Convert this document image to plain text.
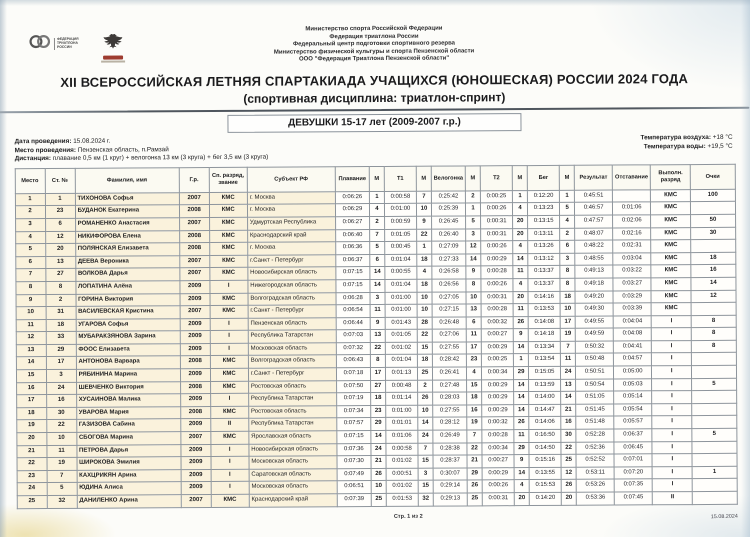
ФЕДЕРАЦИЯ ТРИАТЛОНА РОССИИ
Министерство спорта Российской Федерации
Федерация триатлона России
Федеральный центр подготовки спортивного резерва
Министерство физической культуры и спорта Пензенской области
ООО "Федерация Триатлона Пензенской области"
XII ВСЕРОССИЙСКАЯ ЛЕТНЯЯ СПАРТАКИАДА УЧАЩИХСЯ (ЮНОШЕСКАЯ) РОССИИ 2024 ГОДА
(спортивная дисциплина: триатлон-спринт)
ДЕВУШКИ 15-17 лет (2009-2007 г.р.)
Дата проведения: 15.08.2024 г.
Место проведения: Пензенская область, п.Рамзай
Дистанция: плавание 0,5 км (1 круг) + велогонка 13 км (3 круга) + бег 3,5 км (3 круга)
Температура воздуха: +18 °С
Температура воды: +19,5 °С
Место	Ст. №	Фамилия, имя	Г.р.	Сп. разряд, звание	Субъект РФ	Плавание	М	Т1	М	Велогонка	М	Т2	М	Бег	М	Результат	Отставание	Выполн. разряд	Очки
1	1	ТИХОНОВА Софья	2007	КМС	г. Москва	0:06:26	1	0:00:58	7	0:25:42	2	0:00:25	1	0:12:20	1	0:45:51		КМС	100
2	23	БУДАНОК Екатерина	2008	КМС	г. Москва	0:06:29	4	0:01:00	10	0:25:39	1	0:00:26	4	0:13:23	5	0:46:57	0:01:06	КМС	
3	6	РОМАНЕНКО Анастасия	2007	КМС	Удмуртская Республика	0:06:27	2	0:00:59	9	0:26:45	5	0:00:31	20	0:13:15	4	0:47:57	0:02:06	КМС	50
4	12	НИКИФОРОВА Елена	2008	КМС	Краснодарский край	0:06:40	7	0:01:05	22	0:26:40	3	0:00:31	20	0:13:11	2	0:48:07	0:02:16	КМС	30
5	20	ПОЛЯНСКАЯ Елизавета	2008	КМС	г. Москва	0:06:36	5	0:00:45	1	0:27:09	12	0:00:26	4	0:13:26	6	0:48:22	0:02:31	КМС	
6	13	ДЕЕВА Вероника	2007	КМС	г.Санкт - Петербург	0:06:37	6	0:01:04	18	0:27:33	14	0:00:29	14	0:13:12	3	0:48:55	0:03:04	КМС	18
7	27	ВОЛКОВА Дарья	2007	КМС	Новосибирская область	0:07:15	14	0:00:55	4	0:26:58	9	0:00:28	11	0:13:37	8	0:49:13	0:03:22	КМС	16
8	8	ЛОПАТИНА Алёна	2009	I	Нижегородская область	0:07:15	14	0:01:04	18	0:26:56	8	0:00:26	4	0:13:37	8	0:49:18	0:03:27	КМС	14
9	2	ГОРИНА Виктория	2009	КМС	Волгоградская область	0:06:28	3	0:01:00	10	0:27:05	10	0:00:31	20	0:14:16	18	0:49:20	0:03:29	КМС	12
10	31	ВАСИЛЕВСКАЯ Кристина	2007	КМС	г.Санкт - Петербург	0:06:54	11	0:01:00	10	0:27:15	13	0:00:28	11	0:13:53	10	0:49:30	0:03:39	КМС	
11	18	УГАРОВА Софья	2009	I	Пензенская область	0:06:44	9	0:01:43	28	0:26:48	6	0:00:32	26	0:14:08	17	0:49:55	0:04:04	I	8
12	33	МУБАРАКЗЯНОВА Зарина	2009	I	Республика Татарстан	0:07:03	13	0:01:05	22	0:27:06	11	0:00:27	9	0:14:18	19	0:49:59	0:04:08	I	8
13	29	ФООС Елизавета	2009	I	Московская область	0:07:32	22	0:01:02	15	0:27:55	17	0:00:29	14	0:13:34	7	0:50:32	0:04:41	I	8
14	17	АНТОНОВА Варвара	2008	КМС	Волгоградская область	0:06:43	8	0:01:04	18	0:28:42	23	0:00:25	1	0:13:54	11	0:50:48	0:04:57	I	
15	3	РЯБИНИНА Марина	2009	КМС	г.Санкт - Петербург	0:07:18	17	0:01:13	25	0:26:41	4	0:00:34	29	0:15:05	24	0:50:51	0:05:00	I	
16	24	ШЕВЧЕНКО Виктория	2008	КМС	Ростовская область	0:07:50	27	0:00:48	2	0:27:48	15	0:00:29	14	0:13:59	13	0:50:54	0:05:03	I	5
17	16	ХУСАИНОВА Малика	2009	I	Республика Татарстан	0:07:19	18	0:01:14	26	0:28:03	18	0:00:29	14	0:14:00	14	0:51:05	0:05:14	I	
18	30	УВАРОВА Мария	2008	КМС	Ростовская область	0:07:34	23	0:01:00	10	0:27:55	16	0:00:29	14	0:14:47	21	0:51:45	0:05:54	I	
19	22	ГАЗИЗОВА Сабина	2009	II	Республика Татарстан	0:07:57	29	0:01:01	14	0:28:12	19	0:00:32	26	0:14:06	16	0:51:48	0:05:57	I	
20	10	СБОГОВА Марина	2007	КМС	Ярославская область	0:07:15	14	0:01:06	24	0:26:49	7	0:00:28	11	0:16:50	30	0:52:28	0:06:37	I	5
21	11	ПЕТРОВА Дарья	2009	I	Новосибирская область	0:07:36	24	0:00:58	7	0:28:38	22	0:00:34	29	0:14:50	22	0:52:36	0:06:45	I	
22	19	ШИРОКОВА Эмилия	2009	I	Московская область	0:07:30	21	0:01:02	15	0:28:37	21	0:00:27	9	0:15:16	25	0:52:52	0:07:01	I	
23	7	КАХЦРИКЯН Арина	2009	I	Саратовская область	0:07:49	26	0:00:51	3	0:30:07	29	0:00:29	14	0:13:55	12	0:53:11	0:07:20	I	1
24	5	ЮДИНА Алиса	2009	I	Московская область	0:06:51	10	0:01:02	15	0:29:14	26	0:00:26	4	0:15:53	26	0:53:26	0:07:35	I	
25	32	ДАНИЛЕНКО Арина	2007	КМС	Краснодарский край	0:07:39	25	0:01:53	32	0:29:13	25	0:00:31	20	0:14:20	20	0:53:36	0:07:45	II	
Стр. 1 из 2	15.08.2024
